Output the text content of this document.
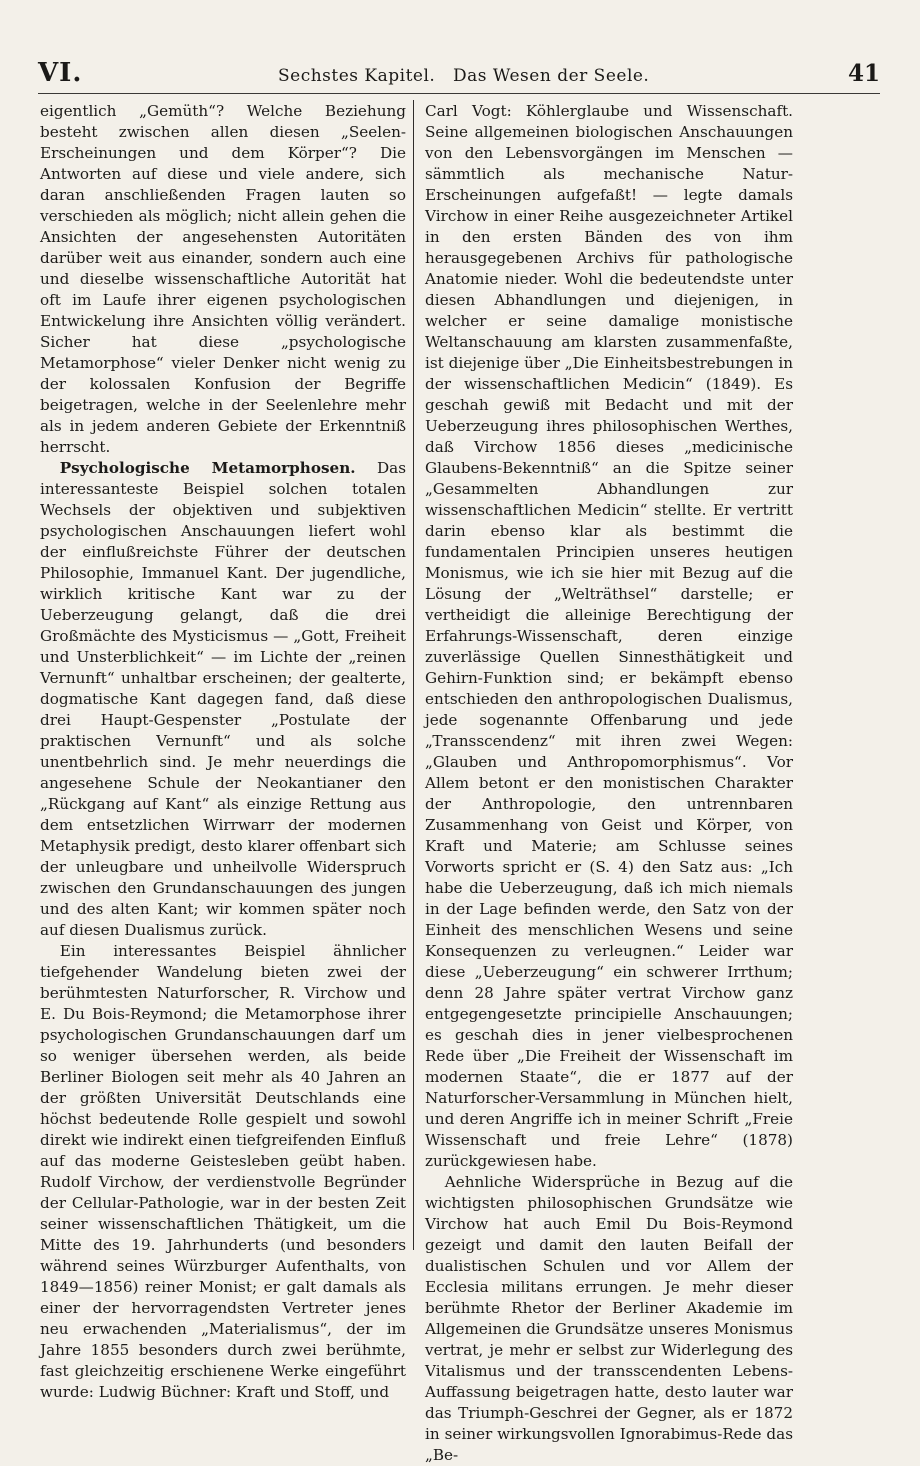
VI.	Sechstes Kapitel.   Das Wesen der Seele.	41

eigentlich „Gemüth“? Welche Beziehung besteht zwischen allen diesen „Seelen-Erscheinungen und dem Körper“? Die Antworten auf diese und viele andere, sich daran anschließenden Fragen lauten so verschieden als möglich; nicht allein gehen die Ansichten der angesehensten Autoritäten darüber weit aus einander, sondern auch eine und dieselbe wissenschaftliche Autorität hat oft im Laufe ihrer eigenen psychologischen Entwickelung ihre Ansichten völlig verändert. Sicher hat diese „psychologische Metamorphose“ vieler Denker nicht wenig zu der kolossalen Konfusion der Begriffe beigetragen, welche in der Seelenlehre mehr als in jedem anderen Gebiete der Erkenntniß herrscht.

Psychologische Metamorphosen. Das interessanteste Beispiel solchen totalen Wechsels der objektiven und subjektiven psychologischen Anschauungen liefert wohl der einflußreichste Führer der deutschen Philosophie, Immanuel Kant. Der jugendliche, wirklich kritische Kant war zu der Ueberzeugung gelangt, daß die drei Großmächte des Mysticismus — „Gott, Freiheit und Unsterblichkeit“ — im Lichte der „reinen Vernunft“ unhaltbar erscheinen; der gealterte, dogmatische Kant dagegen fand, daß diese drei Haupt-Gespenster „Postulate der praktischen Vernunft“ und als solche unentbehrlich sind. Je mehr neuerdings die angesehene Schule der Neokantianer den „Rückgang auf Kant“ als einzige Rettung aus dem entsetzlichen Wirrwarr der modernen Metaphysik predigt, desto klarer offenbart sich der unleugbare und unheilvolle Widerspruch zwischen den Grundanschauungen des jungen und des alten Kant; wir kommen später noch auf diesen Dualismus zurück.

Ein interessantes Beispiel ähnlicher tiefgehender Wandelung bieten zwei der berühmtesten Naturforscher, R. Virchow und E. Du Bois-Reymond; die Metamorphose ihrer psychologischen Grundanschauungen darf um so weniger übersehen werden, als beide Berliner Biologen seit mehr als 40 Jahren an der größten Universität Deutschlands eine höchst bedeutende Rolle gespielt und sowohl direkt wie indirekt einen tiefgreifenden Einfluß auf das moderne Geistesleben geübt haben. Rudolf Virchow, der verdienstvolle Begründer der Cellular-Pathologie, war in der besten Zeit seiner wissenschaftlichen Thätigkeit, um die Mitte des 19. Jahrhunderts (und besonders während seines Würzburger Aufenthalts, von 1849—1856) reiner Monist; er galt damals als einer der hervorragendsten Vertreter jenes neu erwachenden „Materialismus“, der im Jahre 1855 besonders durch zwei berühmte, fast gleichzeitig erschienene Werke eingeführt wurde: Ludwig Büchner: Kraft und Stoff, und

Carl Vogt: Köhlerglaube und Wissenschaft. Seine allgemeinen biologischen Anschauungen von den Lebensvorgängen im Menschen — sämmtlich als mechanische Natur-Erscheinungen aufgefaßt! — legte damals Virchow in einer Reihe ausgezeichneter Artikel in den ersten Bänden des von ihm herausgegebenen Archivs für pathologische Anatomie nieder. Wohl die bedeutendste unter diesen Abhandlungen und diejenigen, in welcher er seine damalige monistische Weltanschauung am klarsten zusammenfaßte, ist diejenige über „Die Einheitsbestrebungen in der wissenschaftlichen Medicin“ (1849). Es geschah gewiß mit Bedacht und mit der Ueberzeugung ihres philosophischen Werthes, daß Virchow 1856 dieses „medicinische Glaubens-Bekenntniß“ an die Spitze seiner „Gesammelten Abhandlungen zur wissenschaftlichen Medicin“ stellte. Er vertritt darin ebenso klar als bestimmt die fundamentalen Principien unseres heutigen Monismus, wie ich sie hier mit Bezug auf die Lösung der „Welträthsel“ darstelle; er vertheidigt die alleinige Berechtigung der Erfahrungs-Wissenschaft, deren einzige zuverlässige Quellen Sinnesthätigkeit und Gehirn-Funktion sind; er bekämpft ebenso entschieden den anthropologischen Dualismus, jede sogenannte Offenbarung und jede „Transscendenz“ mit ihren zwei Wegen: „Glauben und Anthropomorphismus“. Vor Allem betont er den monistischen Charakter der Anthropologie, den untrennbaren Zusammenhang von Geist und Körper, von Kraft und Materie; am Schlusse seines Vorworts spricht er (S. 4) den Satz aus: „Ich habe die Ueberzeugung, daß ich mich niemals in der Lage befinden werde, den Satz von der Einheit des menschlichen Wesens und seine Konsequenzen zu verleugnen.“ Leider war diese „Ueberzeugung“ ein schwerer Irrthum; denn 28 Jahre später vertrat Virchow ganz entgegengesetzte principielle Anschauungen; es geschah dies in jener vielbesprochenen Rede über „Die Freiheit der Wissenschaft im modernen Staate“, die er 1877 auf der Naturforscher-Versammlung in München hielt, und deren Angriffe ich in meiner Schrift „Freie Wissenschaft und freie Lehre“ (1878) zurückgewiesen habe.

Aehnliche Widersprüche in Bezug auf die wichtigsten philosophischen Grundsätze wie Virchow hat auch Emil Du Bois-Reymond gezeigt und damit den lauten Beifall der dualistischen Schulen und vor Allem der Ecclesia militans errungen. Je mehr dieser berühmte Rhetor der Berliner Akademie im Allgemeinen die Grundsätze unseres Monismus vertrat, je mehr er selbst zur Widerlegung des Vitalismus und der transscendenten Lebens-Auffassung beigetragen hatte, desto lauter war das Triumph-Geschrei der Gegner, als er 1872 in seiner wirkungsvollen Ignorabimus-Rede das „Be-
